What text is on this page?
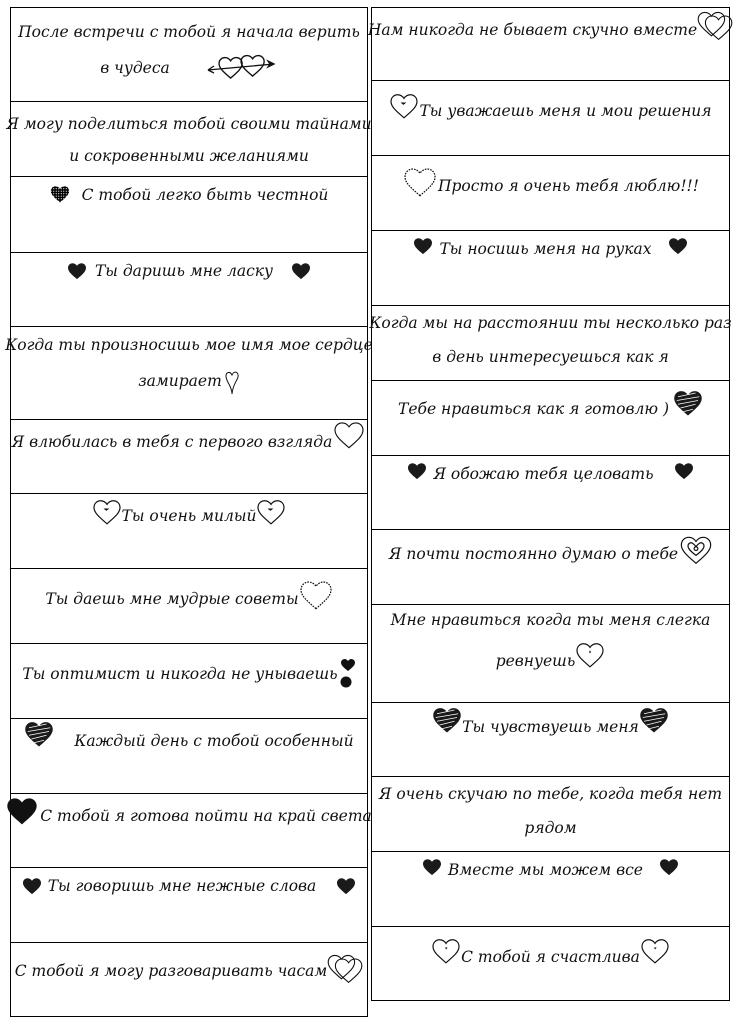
После встречи с тобой я начала верить
в чудеса
Я могу поделиться тобой своими тайнами
и сокровенными желаниями
С тобой легко быть честной
Ты даришь мне ласку
Когда ты произносишь мое имя мое сердце
замирает
Я влюбилась в тебя с первого взгляда
Ты очень милый
Ты даешь мне мудрые советы
Ты оптимист и никогда не унываешь
Каждый день с тобой особенный
С тобой я готова пойти на край света
Ты говоришь мне нежные слова
С тобой я могу разговаривать часам
Нам никогда не бывает скучно вместе
Ты уважаешь меня и мои решения
Просто я очень тебя люблю!!!
Ты носишь меня на руках
Когда мы на расстоянии ты несколько раз
в день интересуешься как я
Тебе нравиться как я готовлю )
Я обожаю тебя целовать
Я почти постоянно думаю о тебе
Мне нравиться когда ты меня слегка
ревнуешь
Ты чувствуешь меня
Я очень скучаю по тебе, когда тебя нет
рядом
Вместе мы можем все
С тобой я счастлива
